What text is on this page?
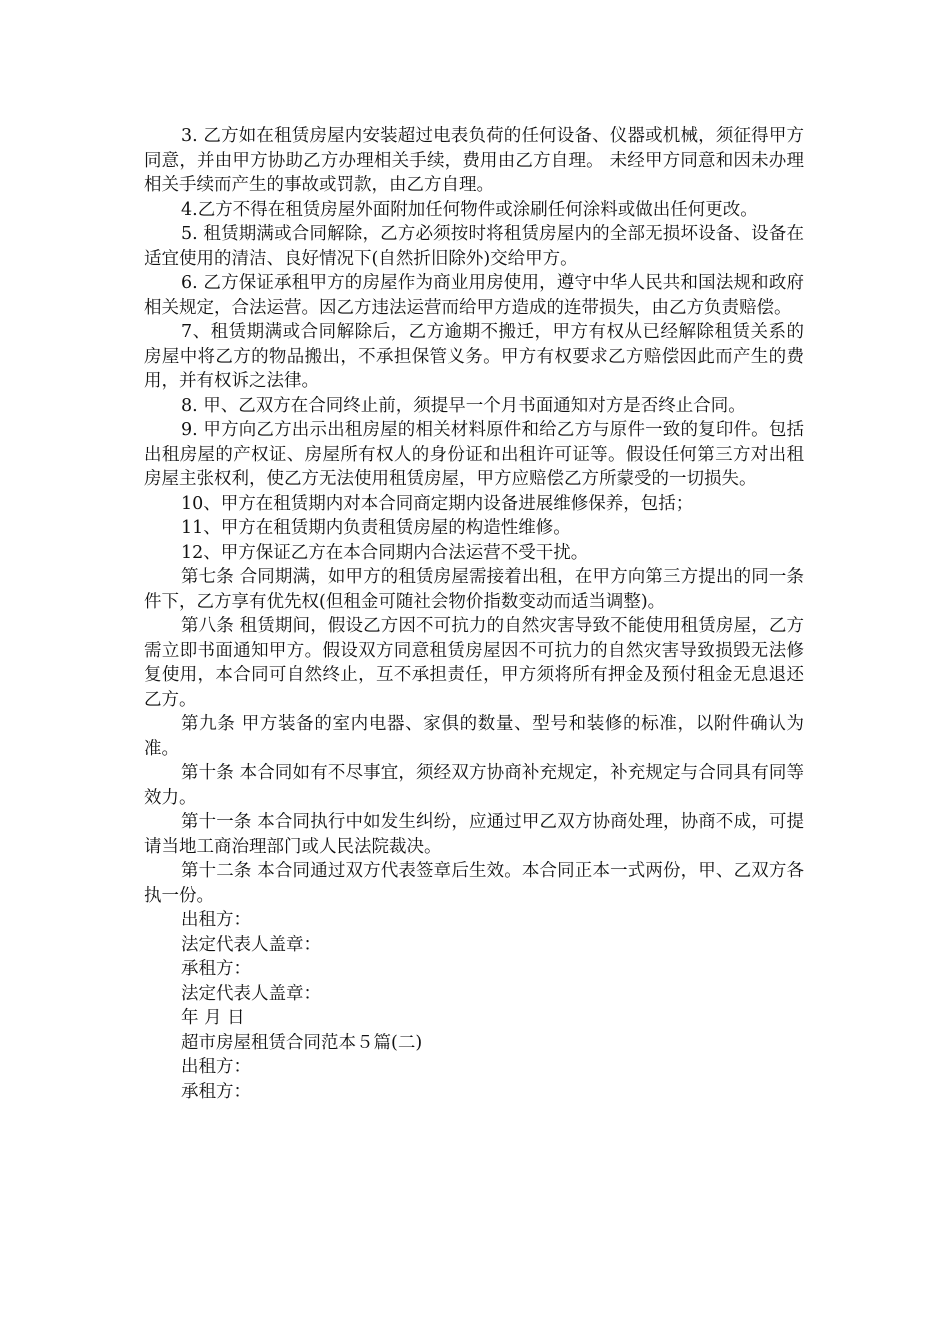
3. 乙方如在租赁房屋内安装超过电表负荷的任何设备、仪器或机械，须征得甲方同意，并由甲方协助乙方办理相关手续，费用由乙方自理。 未经甲方同意和因未办理相关手续而产生的事故或罚款，由乙方自理。

4.乙方不得在租赁房屋外面附加任何物件或涂刷任何涂料或做出任何更改。

5. 租赁期满或合同解除，乙方必须按时将租赁房屋内的全部无损坏设备、设备在适宜使用的清洁、良好情况下(自然折旧除外)交给甲方。

6. 乙方保证承租甲方的房屋作为商业用房使用，遵守中华人民共和国法规和政府相关规定，合法运营。因乙方违法运营而给甲方造成的连带损失，由乙方负责赔偿。

7、租赁期满或合同解除后，乙方逾期不搬迁，甲方有权从已经解除租赁关系的房屋中将乙方的物品搬出，不承担保管义务。甲方有权要求乙方赔偿因此而产生的费用，并有权诉之法律。

8. 甲、乙双方在合同终止前，须提早一个月书面通知对方是否终止合同。

9. 甲方向乙方出示出租房屋的相关材料原件和给乙方与原件一致的复印件。包括出租房屋的产权证、房屋所有权人的身份证和出租许可证等。假设任何第三方对出租房屋主张权利，使乙方无法使用租赁房屋，甲方应赔偿乙方所蒙受的一切损失。

10、甲方在租赁期内对本合同商定期内设备进展维修保养，包括；

11、甲方在租赁期内负责租赁房屋的构造性维修。

12、甲方保证乙方在本合同期内合法运营不受干扰。

第七条 合同期满，如甲方的租赁房屋需接着出租，在甲方向第三方提出的同一条件下，乙方享有优先权(但租金可随社会物价指数变动而适当调整)。

第八条 租赁期间，假设乙方因不可抗力的自然灾害导致不能使用租赁房屋，乙方需立即书面通知甲方。假设双方同意租赁房屋因不可抗力的自然灾害导致损毁无法修复使用，本合同可自然终止，互不承担责任，甲方须将所有押金及预付租金无息退还乙方。

第九条 甲方装备的室内电器、家俱的数量、型号和装修的标准，以附件确认为准。

第十条 本合同如有不尽事宜，须经双方协商补充规定，补充规定与合同具有同等效力。

第十一条 本合同执行中如发生纠纷，应通过甲乙双方协商处理，协商不成，可提请当地工商治理部门或人民法院裁决。

第十二条 本合同通过双方代表签章后生效。本合同正本一式两份，甲、乙双方各执一份。

出租方：

法定代表人盖章：

承租方：

法定代表人盖章：

年 月 日

超市房屋租赁合同范本５篇(二)

出租方：

承租方：
